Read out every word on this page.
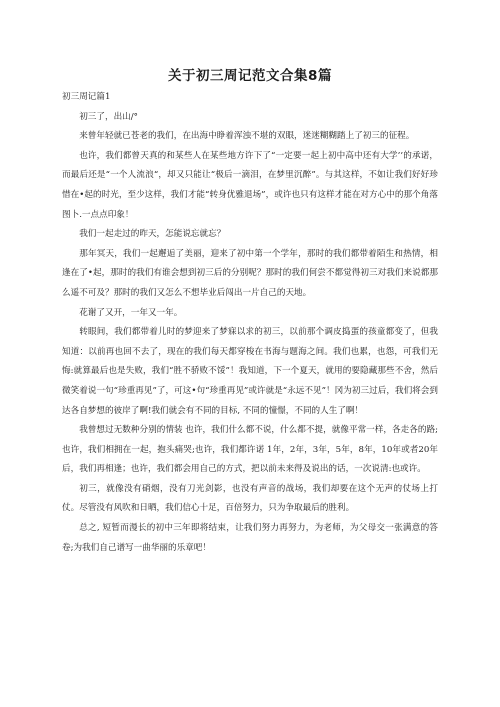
关于初三周记范文合集8篇

初三周记篇1

初三了，出山/°

来曾年轻就已苍老的我们，在出海中睁着浑浊不堪的双眼，迷迷糊糊踏上了初三的征程。

也许，我们都曾天真的和某些人在某些地方许下了“一定要一起上初中高中还有大学’’的承诺，而最后还是“一个人流浪“，却又只能让“极后一滴泪，在梦里沉醉”。与其这样，不如让我们好好珍惜在•起的时光，至少这样，我们才能“转身优雅退场”，或许也只有这样才能在对方心中的那个角落图卜.一点点印象！

我们一起走过的昨天，怎能说忘就忘？

那年冥天，我们一起邂逅了美丽，迎来了初中第一个学年，那时的我们都带着陌生和热情，相逢在了•起，那时的我们有谁会想到初三后的分别呢？那时的我们何尝不都觉得初三对我们来说都那么遥不可及？那时的我们又怎么不想毕业后闯出一片自己的天地。

花谢了又开，一年又一年。

转眼间，我们都带着儿时的梦迎来了梦寐以求的初三，以前那个调皮捣蛋的孩童都变了，但我知道：以前再也回不去了，现在的我们每天都穿梭在书海与题海之间。我们也累，也怨，可我们无悔:就算最后也是失败，我们“胜不骄败不馁”！我知道，下一个夏天，就用的要隐藏那些不舍，然后微笑着说一句“珍重再见”了，可这•句“珍重再见”或许就是“永远不见”！冈为初三过后，我们将会到达各自梦想的彼岸了啊!我们就会有不同的目标, 不同的憧憬，不同的人生了啊！

我曾想过无数种分别的情装 也许，我们什么都不说，什么都不提，就像平常一样，各走各的路;也许，我们相拥在一起，抱头痛哭;也许，我们都许诺 1年，2年，3年，5年，8年，10年或者20年后，我们再相逢；也许，我们都会用自己的方式，把以前未来得及说出的话，一次说清:也或许。

初三，就像没有硝烟，没有刀光剑影，也没有声音的战场，我们却要在这个无声的仗场上打仗。尽管没有风吹和日晒，我们信心十足，百倍努力，只为争取最后的胜利。

总之, 短暂而漫长的初中三年即将结束，让我们努力再努力，为老师，为父母交一张满意的答卷;为我们自己谱写一曲华丽的乐章吧！
